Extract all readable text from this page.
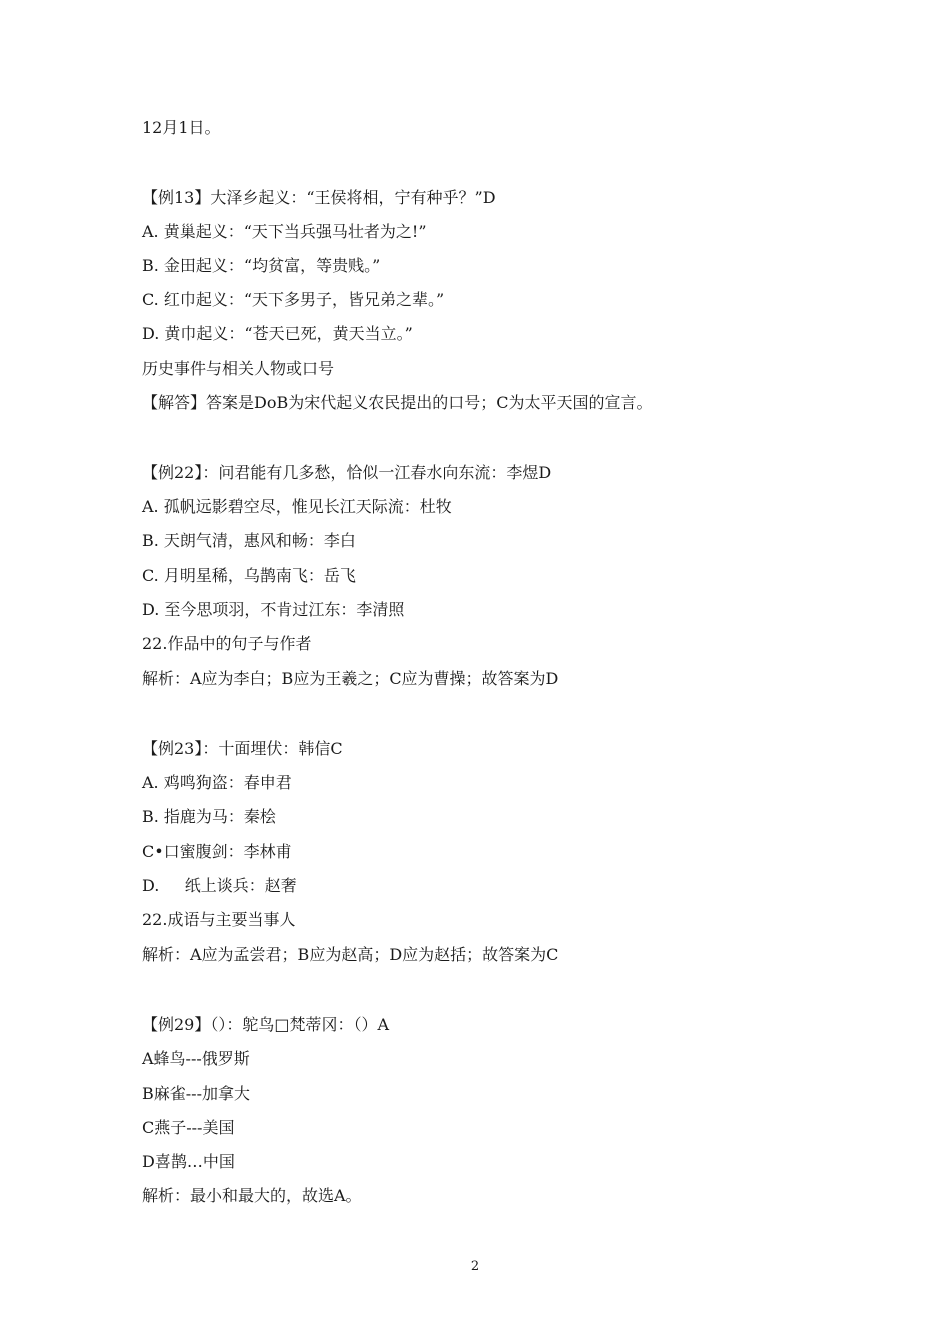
12月1日。
【例13】大泽乡起义：“王侯将相，宁有种乎？”D
A. 黄巢起义：“天下当兵强马壮者为之!”
B. 金田起义：“均贫富，等贵贱。”
C. 红巾起义：“天下多男子，皆兄弟之辈。”
D. 黄巾起义：“苍天已死，黄天当立。”
历史事件与相关人物或口号
【解答】答案是DoB为宋代起义农民提出的口号；C为太平天国的宣言。
【例22】：问君能有几多愁，恰似一江春水向东流：李煜D
A. 孤帆远影碧空尽，惟见长江天际流：杜牧
B. 天朗气清，惠风和畅：李白
C. 月明星稀，乌鹊南飞：岳飞
D. 至今思项羽，不肯过江东：李清照
22.作品中的句子与作者
解析：A应为李白；B应为王羲之；C应为曹操；故答案为D
【例23】：十面埋伏：韩信C
A. 鸡鸣狗盗：春申君
B. 指鹿为马：秦桧
C•口蜜腹剑：李林甫
D.     纸上谈兵：赵奢
22.成语与主要当事人
解析：A应为孟尝君；B应为赵高；D应为赵括；故答案为C
【例29】（）：鸵鸟□梵蒂冈：（）A
A蜂鸟---俄罗斯
B麻雀---加拿大
C燕子---美国
D喜鹊…中国
解析：最小和最大的，故选A。
2
